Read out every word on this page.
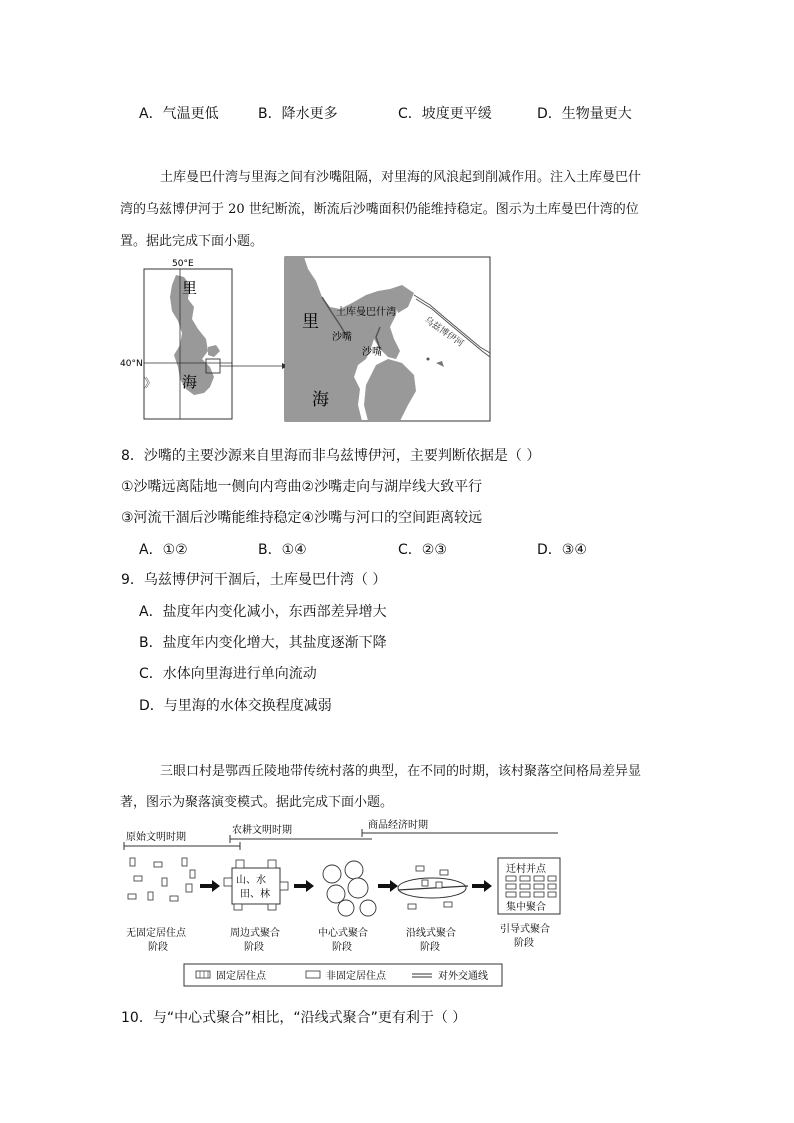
A．气温更低	B．降水更多	C．坡度更平缓	D．生物量更大
土库曼巴什湾与里海之间有沙嘴阻隔，对里海的风浪起到削减作用。注入土库曼巴什
湾的乌兹博伊河于 20 世纪断流，断流后沙嘴面积仍能维持稳定。图示为土库曼巴什湾的位
置。据此完成下面小题。
50°E
40°N
里
海
》
里
海
土库曼巴什湾
沙嘴
沙嘴
乌兹博伊河
8．沙嘴的主要沙源来自里海而非乌兹博伊河，主要判断依据是（ ）
①沙嘴远离陆地一侧向内弯曲②沙嘴走向与湖岸线大致平行
③河流干涸后沙嘴能维持稳定④沙嘴与河口的空间距离较远
A．①②	B．①④	C．②③	D．③④
9．乌兹博伊河干涸后，土库曼巴什湾（ ）
A．盐度年内变化减小，东西部差异增大
B．盐度年内变化增大，其盐度逐渐下降
C．水体向里海进行单向流动
D．与里海的水体交换程度减弱
三眼口村是鄂西丘陵地带传统村落的典型，在不同的时期，该村聚落空间格局差异显
著，图示为聚落演变模式。据此完成下面小题。
原始文明时期
农耕文明时期	商品经济时期
山、水
田、林
迁村并点
集中聚合
无固定居住点
阶段
周边式聚合
阶段
中心式聚合
阶段
沿线式聚合
阶段
引导式聚合
阶段
固定居住点	非固定居住点	对外交通线
10．与“中心式聚合”相比，“沿线式聚合”更有利于（ ）
